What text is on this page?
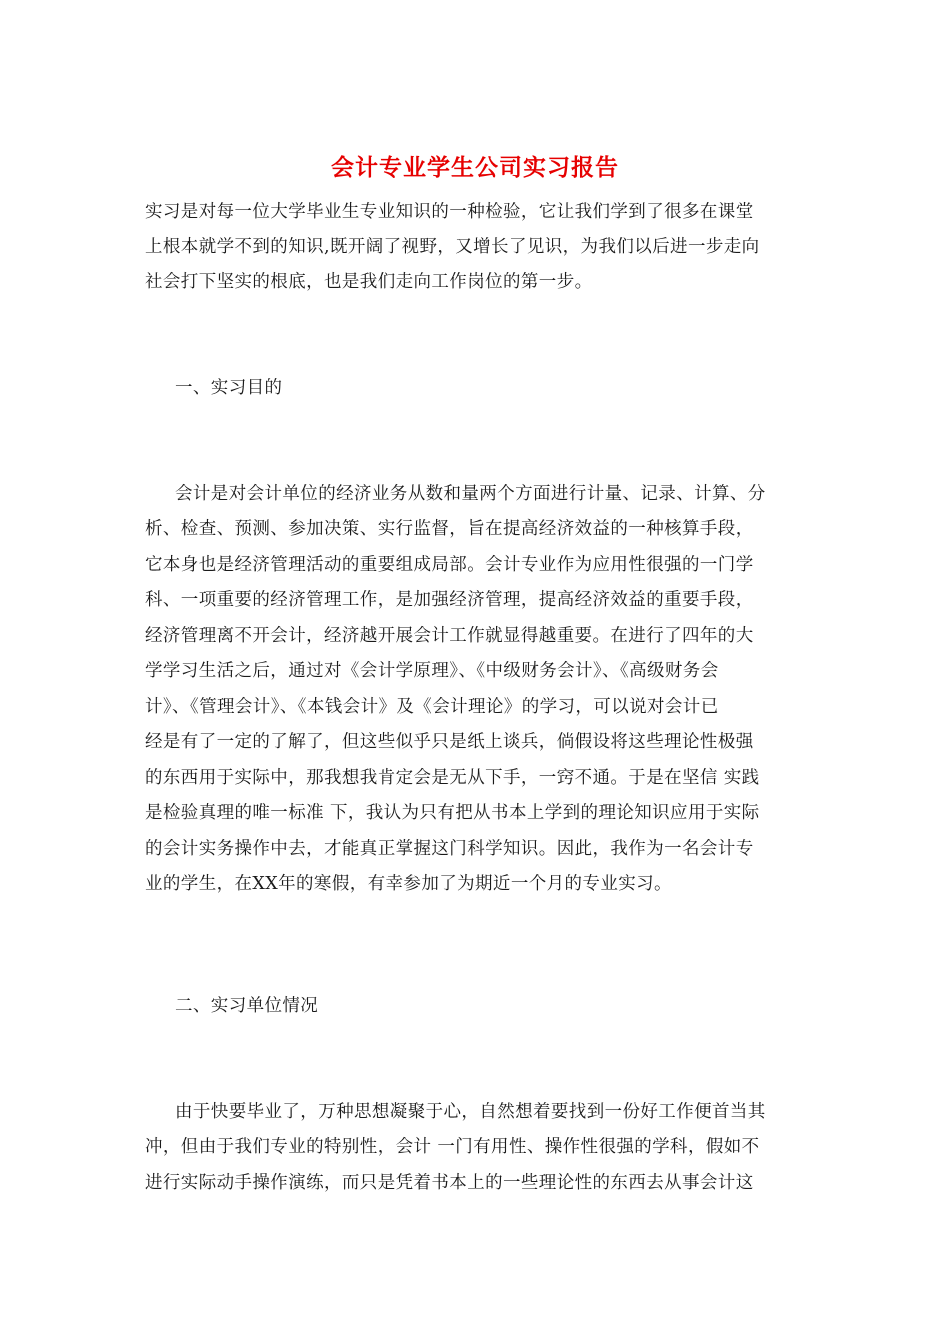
会计专业学生公司实习报告
实习是对每一位大学毕业生专业知识的一种检验，它让我们学到了很多在课堂
上根本就学不到的知识,既开阔了视野，又增长了见识，为我们以后进一步走向
社会打下坚实的根底，也是我们走向工作岗位的第一步。
一、实习目的
会计是对会计单位的经济业务从数和量两个方面进行计量、记录、计算、分
析、检查、预测、参加决策、实行监督，旨在提高经济效益的一种核算手段，
它本身也是经济管理活动的重要组成局部。会计专业作为应用性很强的一门学
科、一项重要的经济管理工作，是加强经济管理，提高经济效益的重要手段，
经济管理离不开会计，经济越开展会计工作就显得越重要。在进行了四年的大
学学习生活之后，通过对《会计学原理》、《中级财务会计》、《高级财务会
计》、《管理会计》、《本钱会计》及《会计理论》的学习，可以说对会计已
经是有了一定的了解了，但这些似乎只是纸上谈兵，倘假设将这些理论性极强
的东西用于实际中，那我想我肯定会是无从下手，一窍不通。于是在坚信 实践
是检验真理的唯一标准 下，我认为只有把从书本上学到的理论知识应用于实际
的会计实务操作中去，才能真正掌握这门科学知识。因此，我作为一名会计专
业的学生，在XX年的寒假，有幸参加了为期近一个月的专业实习。
二、实习单位情况
由于快要毕业了，万种思想凝聚于心，自然想着要找到一份好工作便首当其
冲，但由于我们专业的特别性，会计 一门有用性、操作性很强的学科，假如不
进行实际动手操作演练，而只是凭着书本上的一些理论性的东西去从事会计这
